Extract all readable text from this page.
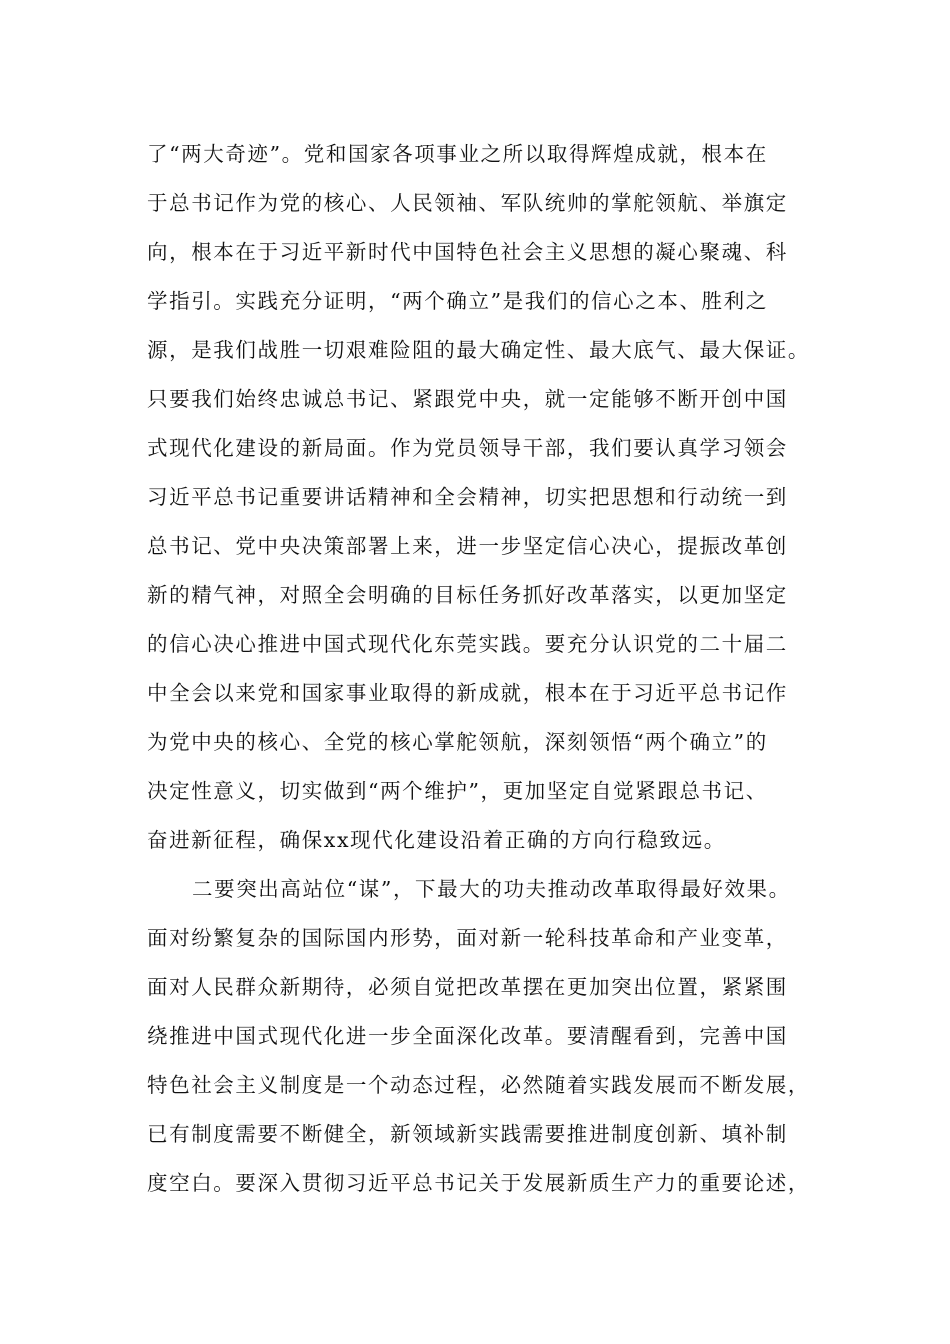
了“两大奇迹”。党和国家各项事业之所以取得辉煌成就，根本在
于总书记作为党的核心、人民领袖、军队统帅的掌舵领航、举旗定
向，根本在于习近平新时代中国特色社会主义思想的凝心聚魂、科
学指引。实践充分证明，“两个确立”是我们的信心之本、胜利之
源，是我们战胜一切艰难险阻的最大确定性、最大底气、最大保证。
只要我们始终忠诚总书记、紧跟党中央，就一定能够不断开创中国
式现代化建设的新局面。作为党员领导干部，我们要认真学习领会
习近平总书记重要讲话精神和全会精神，切实把思想和行动统一到
总书记、党中央决策部署上来，进一步坚定信心决心，提振改革创
新的精气神，对照全会明确的目标任务抓好改革落实，以更加坚定
的信心决心推进中国式现代化东莞实践。要充分认识党的二十届二
中全会以来党和国家事业取得的新成就，根本在于习近平总书记作
为党中央的核心、全党的核心掌舵领航，深刻领悟“两个确立”的
决定性意义，切实做到“两个维护”，更加坚定自觉紧跟总书记、
奋进新征程，确保xx现代化建设沿着正确的方向行稳致远。
二要突出高站位“谋”，下最大的功夫推动改革取得最好效果。
面对纷繁复杂的国际国内形势，面对新一轮科技革命和产业变革，
面对人民群众新期待，必须自觉把改革摆在更加突出位置，紧紧围
绕推进中国式现代化进一步全面深化改革。要清醒看到，完善中国
特色社会主义制度是一个动态过程，必然随着实践发展而不断发展，
已有制度需要不断健全，新领域新实践需要推进制度创新、填补制
度空白。要深入贯彻习近平总书记关于发展新质生产力的重要论述，
